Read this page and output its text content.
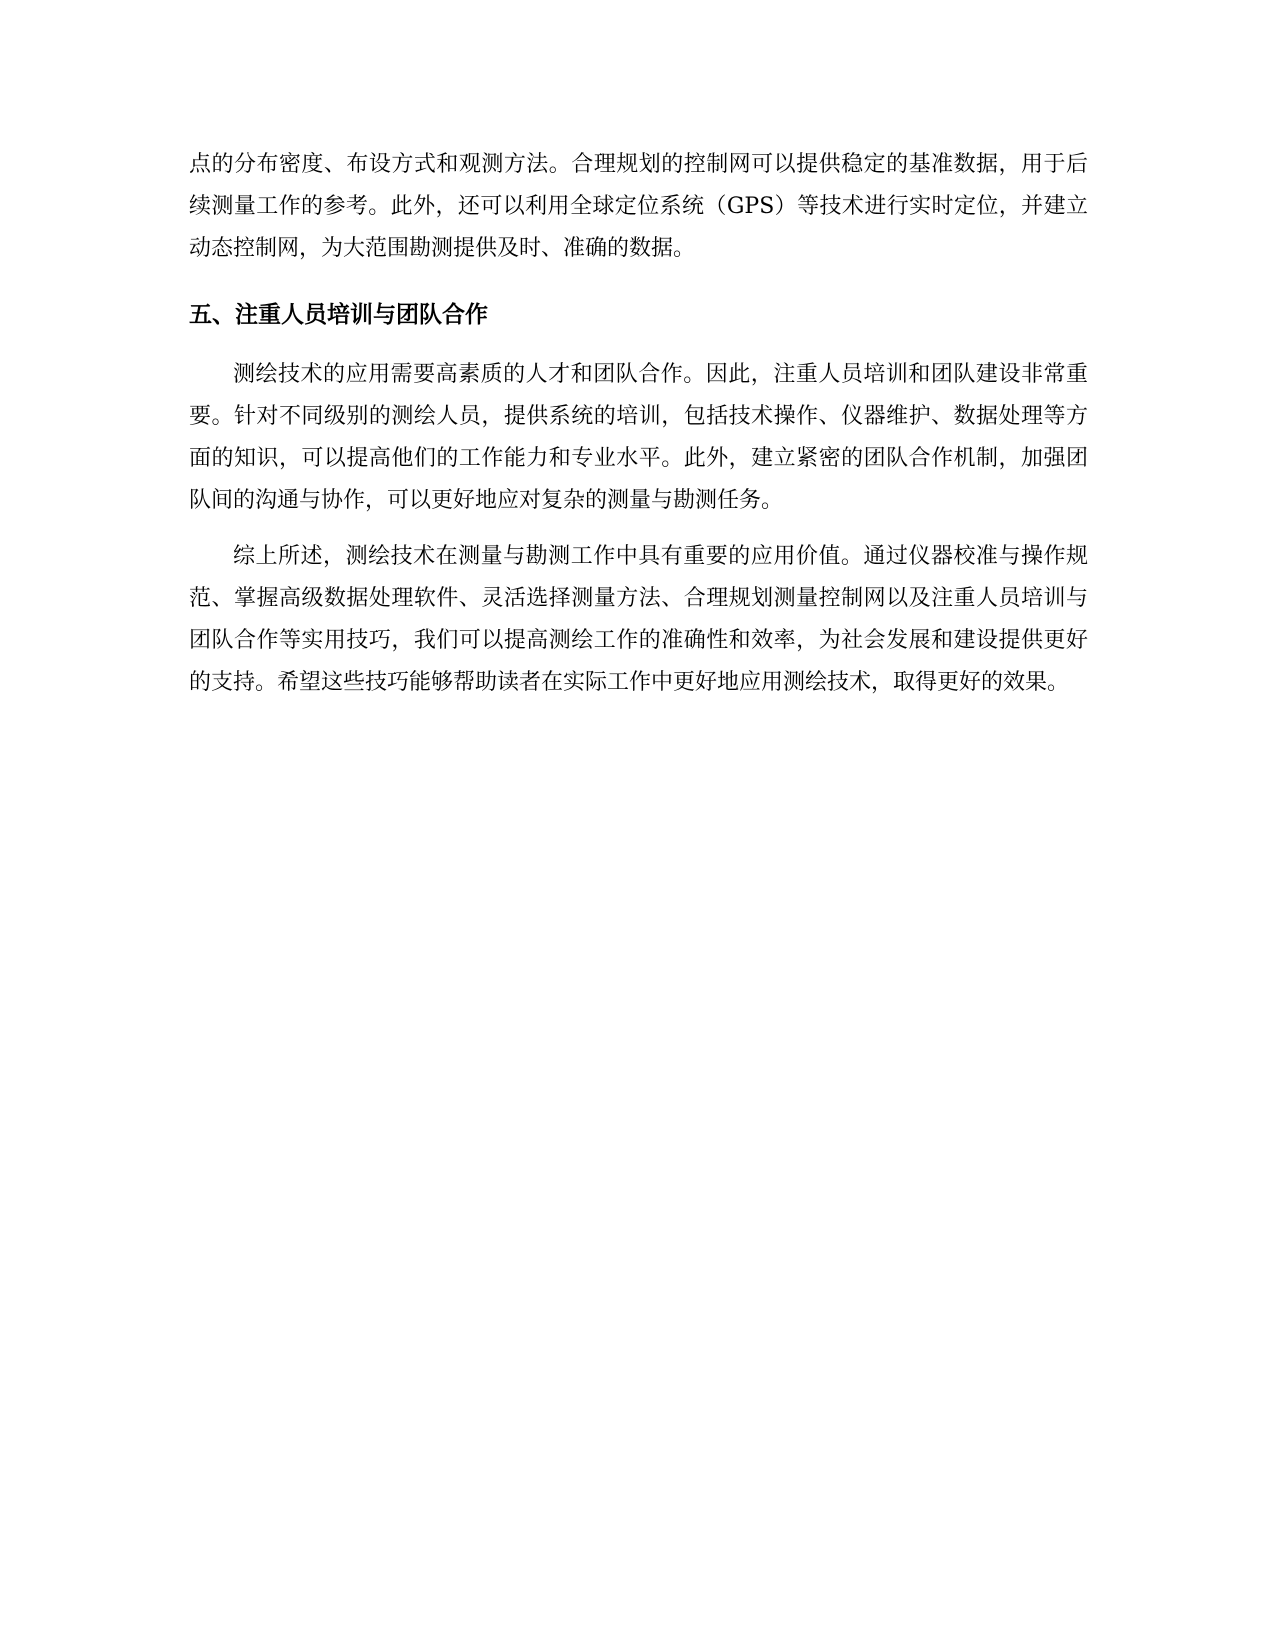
点的分布密度、布设方式和观测方法。合理规划的控制网可以提供稳定的基准数据，用于后续测量工作的参考。此外，还可以利用全球定位系统（GPS）等技术进行实时定位，并建立动态控制网，为大范围勘测提供及时、准确的数据。

五、注重人员培训与团队合作

测绘技术的应用需要高素质的人才和团队合作。因此，注重人员培训和团队建设非常重要。针对不同级别的测绘人员，提供系统的培训，包括技术操作、仪器维护、数据处理等方面的知识，可以提高他们的工作能力和专业水平。此外，建立紧密的团队合作机制，加强团队间的沟通与协作，可以更好地应对复杂的测量与勘测任务。

综上所述，测绘技术在测量与勘测工作中具有重要的应用价值。通过仪器校准与操作规范、掌握高级数据处理软件、灵活选择测量方法、合理规划测量控制网以及注重人员培训与团队合作等实用技巧，我们可以提高测绘工作的准确性和效率，为社会发展和建设提供更好的支持。希望这些技巧能够帮助读者在实际工作中更好地应用测绘技术，取得更好的效果。
